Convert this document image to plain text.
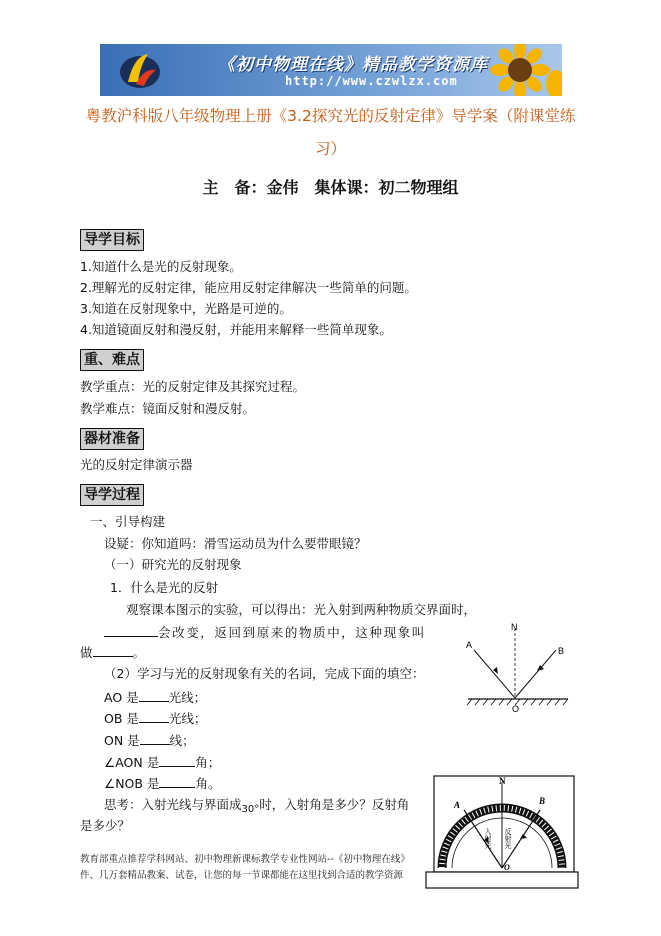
《初中物理在线》精品教学资源库
http://www.czwlzx.com
粤教沪科版八年级物理上册《3.2探究光的反射定律》导学案（附课堂练
习）
主　备：金伟　集体课：初二物理组
导学目标
1.知道什么是光的反射现象。
2.理解光的反射定律，能应用反射定律解决一些简单的问题。
3.知道在反射现象中，光路是可逆的。
4.知道镜面反射和漫反射，并能用来解释一些简单现象。
重、难点
教学重点：光的反射定律及其探究过程。
教学难点：镜面反射和漫反射。
器材准备
光的反射定律演示器
导学过程
一、引导构建
设疑：你知道吗：滑雪运动员为什么要带眼镜？
（一）研究光的反射现象
1．什么是光的反射
观察课本图示的实验，可以得出：光入射到两种物质交界面时，
会改变，返回到原来的物质中，这种现象叫
做	。
（2）学习与光的反射现象有关的名词，完成下面的填空：
AO 是 光线；
OB 是 光线；
ON 是 线；
∠AON 是	角；
∠NOB 是	角。
思考：入射光线与界面成$_{30^\circ}$时，入射角是多少？反射角
是多少？
N
A
B
O
N
A	B
O
入射光 反射光
教育部重点推荐学科网站、初中物理新课标教学专业性网站--《初中物理在线》
件、几万套精品教案、试卷，让您的每一节课都能在这里找到合适的教学资源
